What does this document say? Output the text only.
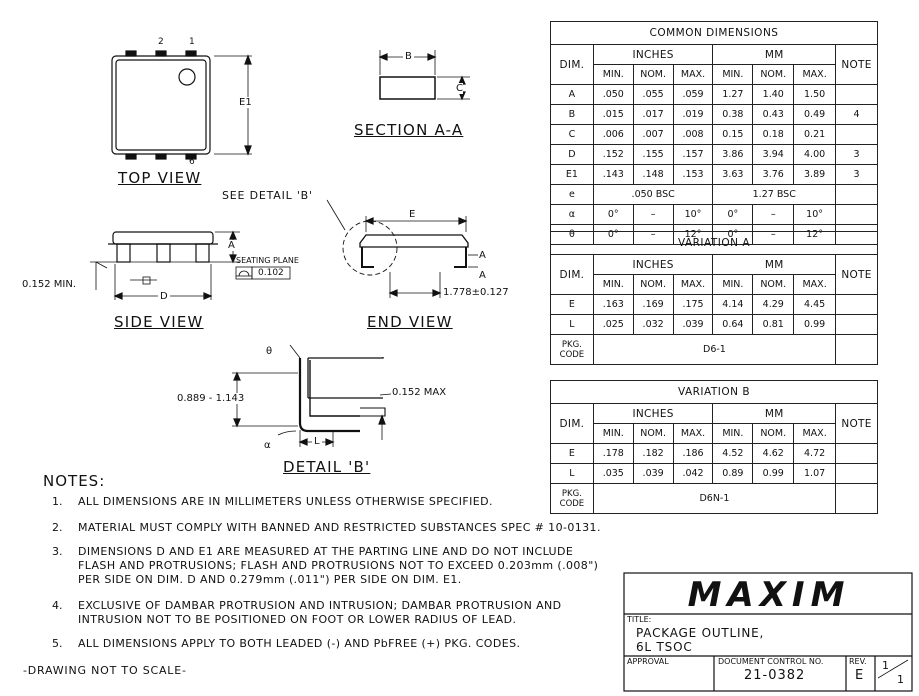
2	1
6
E1
TOP VIEW
B
C
SECTION A-A
SEE DETAIL 'B'
A
SEATING PLANE
0.102
D
0.152 MIN.
SIDE VIEW
E
A
A
1.778±0.127
END VIEW
θ
0.889 - 1.143
0.152 MAX
L
α
DETAIL 'B'
COMMON DIMENSIONS							
DIM.	INCHES			MM			NOTE
	MIN.	NOM.	MAX.	MIN.	NOM.	MAX.	
A	.050	.055	.059	1.27	1.40	1.50	
B	.015	.017	.019	0.38	0.43	0.49	4
C	.006	.007	.008	0.15	0.18	0.21	
D	.152	.155	.157	3.86	3.94	4.00	3
E1	.143	.148	.153	3.63	3.76	3.89	3
e	.050 BSC			1.27 BSC			
α	0°	–	10°	0°	–	10°	
θ	0°	–	12°	0°	–	12°	
VARIATION A							
DIM.	INCHES			MM			NOTE
	MIN.	NOM.	MAX.	MIN.	NOM.	MAX.	
E	.163	.169	.175	4.14	4.29	4.45	
L	.025	.032	.039	0.64	0.81	0.99	
PKG.
CODE	D6-1						
VARIATION B							
DIM.	INCHES			MM			NOTE
	MIN.	NOM.	MAX.	MIN.	NOM.	MAX.	
E	.178	.182	.186	4.52	4.62	4.72	
L	.035	.039	.042	0.89	0.99	1.07	
PKG.
CODE	D6N-1						
NOTES:
1. ALL DIMENSIONS ARE IN MILLIMETERS UNLESS OTHERWISE SPECIFIED.
2. MATERIAL MUST COMPLY WITH BANNED AND RESTRICTED SUBSTANCES SPEC # 10-0131.
3. DIMENSIONS D AND E1 ARE MEASURED AT THE PARTING LINE AND DO NOT INCLUDE
FLASH AND PROTRUSIONS; FLASH AND PROTRUSIONS NOT TO EXCEED 0.203mm (.008")
PER SIDE ON DIM. D AND 0.279mm (.011") PER SIDE ON DIM. E1.
4. EXCLUSIVE OF DAMBAR PROTRUSION AND INTRUSION; DAMBAR PROTRUSION AND
INTRUSION NOT TO BE POSITIONED ON FOOT OR LOWER RADIUS OF LEAD.
5. ALL DIMENSIONS APPLY TO BOTH LEADED (-) AND PbFREE (+) PKG. CODES.
-DRAWING NOT TO SCALE-
MAXIM
TITLE:
PACKAGE OUTLINE,
6L TSOC
APPROVAL	DOCUMENT CONTROL NO.
21-0382
REV.
E
1
1
